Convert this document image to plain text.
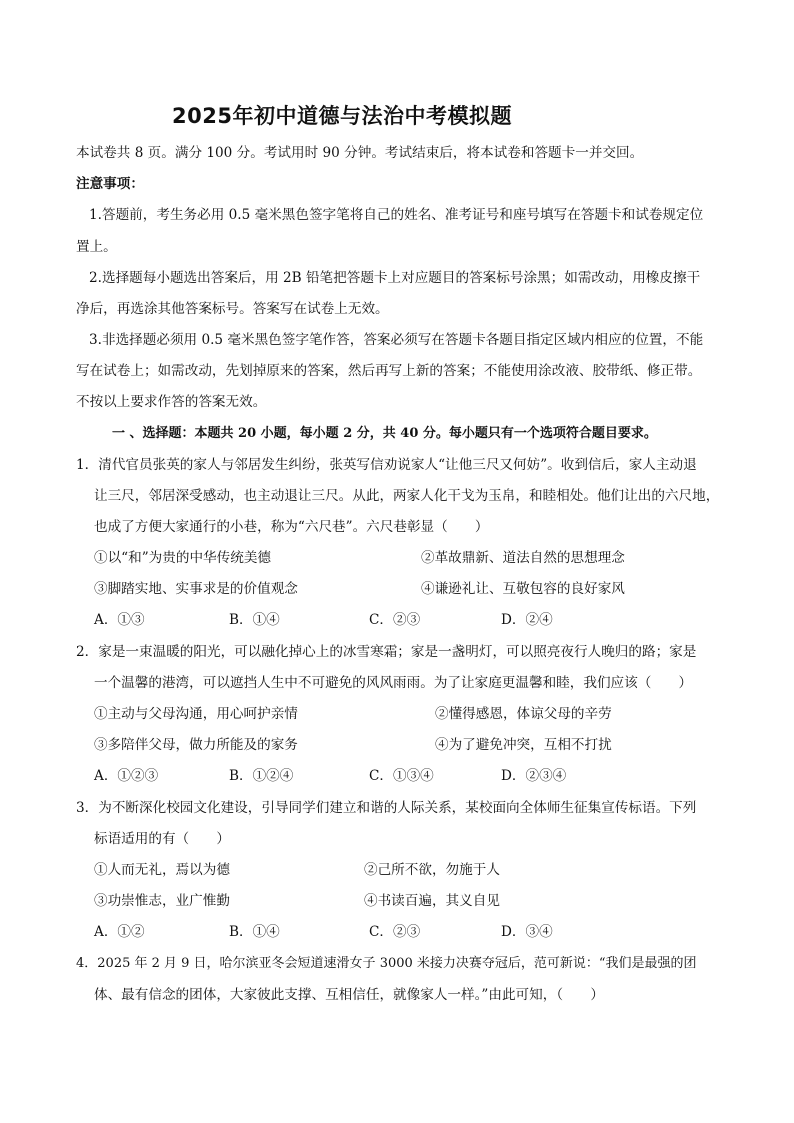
2025年初中道德与法治中考模拟题
本试卷共 8 页。满分 100 分。考试用时 90 分钟。考试结束后，将本试卷和答题卡一并交回。
注意事项：
1.答题前，考生务必用 0.5 毫米黑色签字笔将自己的姓名、准考证号和座号填写在答题卡和试卷规定位
置上。
2.选择题每小题选出答案后，用 2B 铅笔把答题卡上对应题目的答案标号涂黑；如需改动，用橡皮擦干
净后，再选涂其他答案标号。答案写在试卷上无效。
3.非选择题必须用 0.5 毫米黑色签字笔作答，答案必须写在答题卡各题目指定区域内相应的位置，不能
写在试卷上；如需改动，先划掉原来的答案，然后再写上新的答案；不能使用涂改液、胶带纸、修正带。
不按以上要求作答的答案无效。
一 、选择题：本题共 20 小题，每小题 2 分，共 40 分。每小题只有一个选项符合题目要求。
1．清代官员张英的家人与邻居发生纠纷，张英写信劝说家人“让他三尺又何妨”。收到信后，家人主动退
让三尺，邻居深受感动，也主动退让三尺。从此，两家人化干戈为玉帛，和睦相处。他们让出的六尺地，
也成了方便大家通行的小巷，称为“六尺巷”。六尺巷彰显（　　）
①以“和”为贵的中华传统美德	②革故鼎新、道法自然的思想理念
③脚踏实地、实事求是的价值观念	④谦逊礼让、互敬包容的良好家风
A．①③	B．①④	C．②③	D．②④
2．家是一束温暖的阳光，可以融化掉心上的冰雪寒霜；家是一盏明灯，可以照亮夜行人晚归的路；家是
一个温馨的港湾，可以遮挡人生中不可避免的风风雨雨。为了让家庭更温馨和睦，我们应该（　　）
①主动与父母沟通，用心呵护亲情	②懂得感恩，体谅父母的辛劳
③多陪伴父母，做力所能及的家务	④为了避免冲突，互相不打扰
A．①②③	B．①②④	C．①③④	D．②③④
3．为不断深化校园文化建设，引导同学们建立和谐的人际关系，某校面向全体师生征集宣传标语。下列
标语适用的有（　　）
①人而无礼，焉以为德	②己所不欲，勿施于人
③功崇惟志，业广惟勤	④书读百遍，其义自见
A．①②	B．①④	C．②③	D．③④
4．2025 年 2 月 9 日，哈尔滨亚冬会短道速滑女子 3000 米接力决赛夺冠后，范可新说：“我们是最强的团
体、最有信念的团体，大家彼此支撑、互相信任，就像家人一样。”由此可知，（　　）
